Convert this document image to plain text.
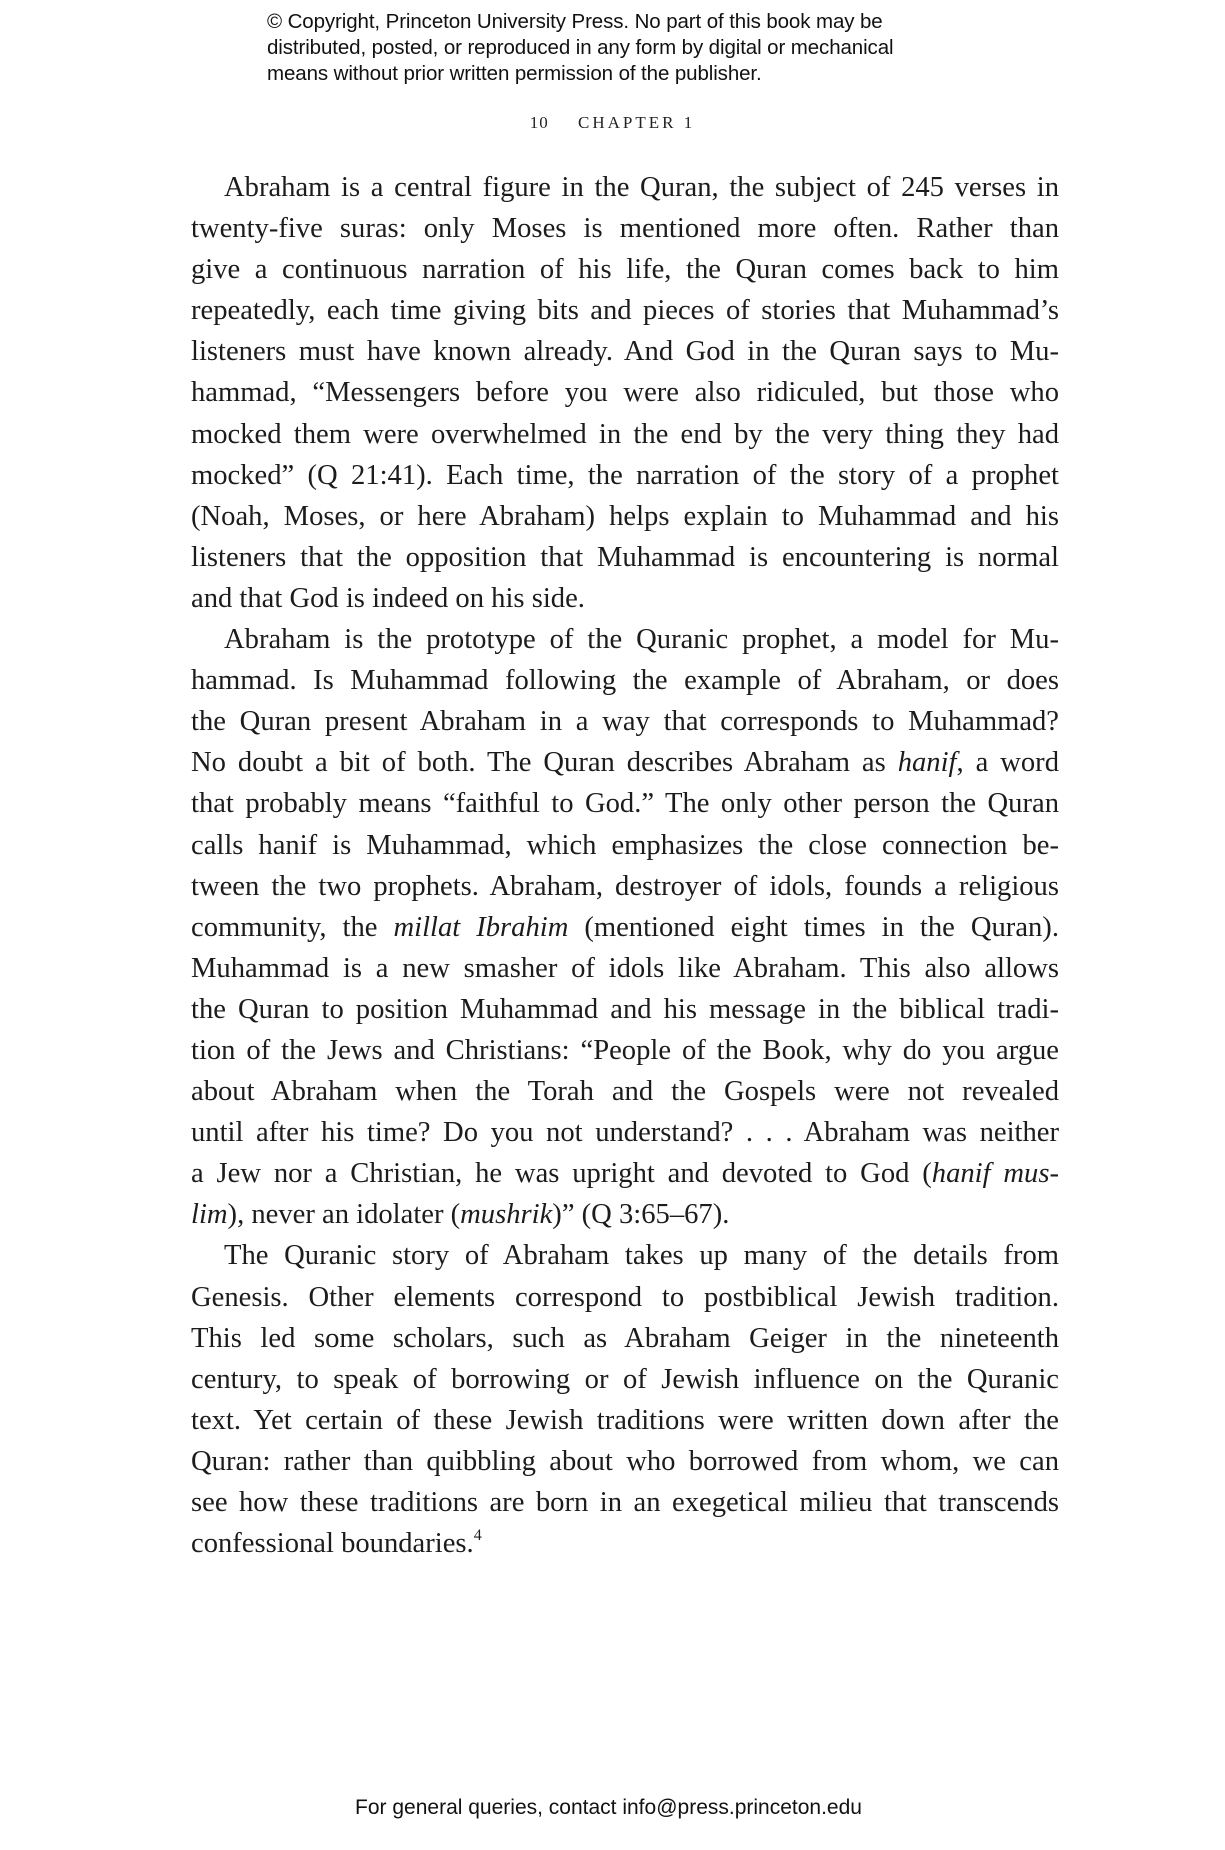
© Copyright, Princeton University Press. No part of this book may be
distributed, posted, or reproduced in any form by digital or mechanical
means without prior written permission of the publisher.
10 CHAPTER 1
Abraham is a central figure in the Quran, the subject of 245 verses in
twenty-five suras: only Moses is mentioned more often. Rather than
give a continuous narration of his life, the Quran comes back to him
repeatedly, each time giving bits and pieces of stories that Muhammad’s
listeners must have known already. And God in the Quran says to Mu-
hammad, “Messengers before you were also ridiculed, but those who
mocked them were overwhelmed in the end by the very thing they had
mocked” (Q 21:41). Each time, the narration of the story of a prophet
(Noah, Moses, or here Abraham) helps explain to Muhammad and his
listeners that the opposition that Muhammad is encountering is normal
and that God is indeed on his side.
Abraham is the prototype of the Quranic prophet, a model for Mu-
hammad. Is Muhammad following the example of Abraham, or does
the Quran present Abraham in a way that corresponds to Muhammad?
No doubt a bit of both. The Quran describes Abraham as hanif, a word
that probably means “faithful to God.” The only other person the Quran
calls hanif is Muhammad, which emphasizes the close connection be-
tween the two prophets. Abraham, destroyer of idols, founds a religious
community, the millat Ibrahim (mentioned eight times in the Quran).
Muhammad is a new smasher of idols like Abraham. This also allows
the Quran to position Muhammad and his message in the biblical tradi-
tion of the Jews and Christians: “People of the Book, why do you argue
about Abraham when the Torah and the Gospels were not revealed
until after his time? Do you not understand? . . . Abraham was neither
a Jew nor a Christian, he was upright and devoted to God (hanif mus-
lim), never an idolater (mushrik)” (Q 3:65–67).
The Quranic story of Abraham takes up many of the details from
Genesis. Other elements correspond to postbiblical Jewish tradition.
This led some scholars, such as Abraham Geiger in the nineteenth
century, to speak of borrowing or of Jewish influence on the Quranic
text. Yet certain of these Jewish traditions were written down after the
Quran: rather than quibbling about who borrowed from whom, we can
see how these traditions are born in an exegetical milieu that transcends
confessional boundaries.$^4$
For general queries, contact info@press.princeton.edu
